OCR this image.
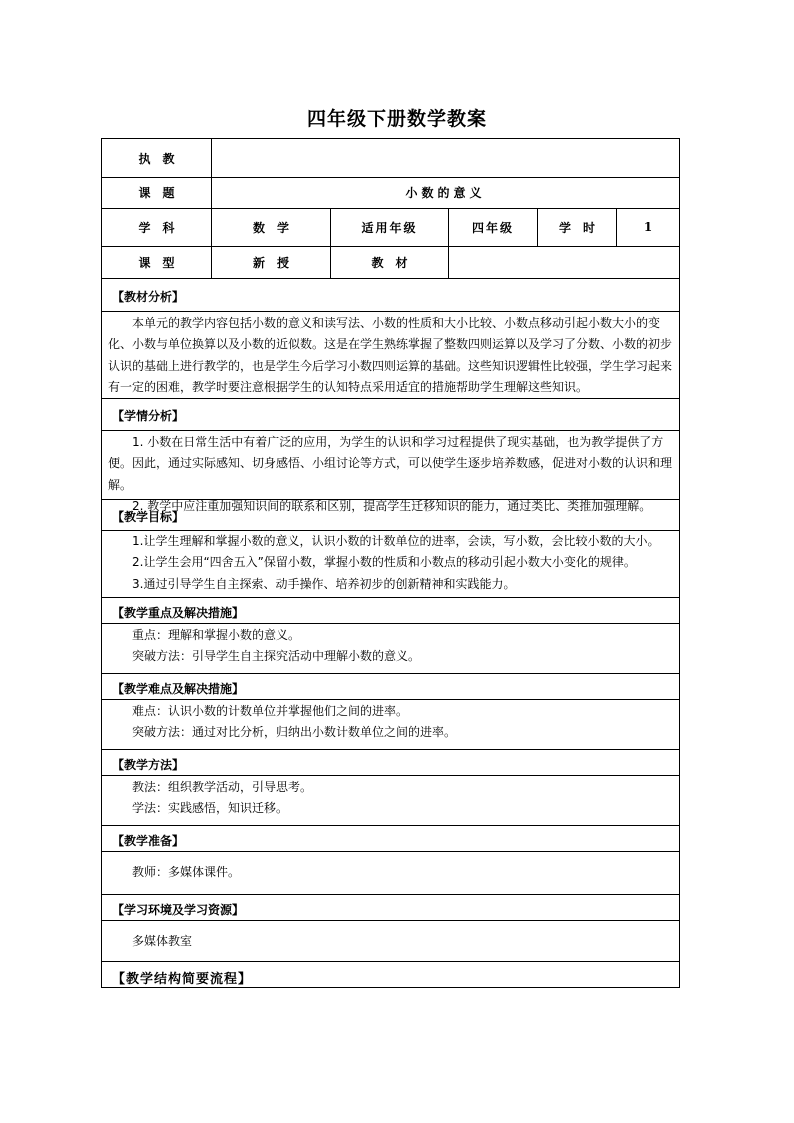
四年级下册数学教案
执　教
课　题	小数的意义
学　科	数　学	适用年级	四年级	学　时	1
课　型	新　授	教　材
【教材分析】

本单元的教学内容包括小数的意义和读写法、小数的性质和大小比较、小数点移动引起小数大小的变化、小数与单位换算以及小数的近似数。这是在学生熟练掌握了整数四则运算以及学习了分数、小数的初步认识的基础上进行教学的，也是学生今后学习小数四则运算的基础。这些知识逻辑性比较强，学生学习起来有一定的困难，教学时要注意根据学生的认知特点采用适宜的措施帮助学生理解这些知识。

【学情分析】

1. 小数在日常生活中有着广泛的应用，为学生的认识和学习过程提供了现实基础，也为教学提供了方便。因此，通过实际感知、切身感悟、小组讨论等方式，可以使学生逐步培养数感，促进对小数的认识和理解。

2. 教学中应注重加强知识间的联系和区别，提高学生迁移知识的能力，通过类比、类推加强理解。

【教学目标】

1.让学生理解和掌握小数的意义，认识小数的计数单位的进率，会读，写小数，会比较小数的大小。

2.让学生会用“四舍五入”保留小数，掌握小数的性质和小数点的移动引起小数大小变化的规律。

3.通过引导学生自主探索、动手操作、培养初步的创新精神和实践能力。

【教学重点及解决措施】

重点：理解和掌握小数的意义。

突破方法：引导学生自主探究活动中理解小数的意义。

【教学难点及解决措施】

难点：认识小数的计数单位并掌握他们之间的进率。

突破方法：通过对比分析，归纳出小数计数单位之间的进率。

【教学方法】

教法：组织教学活动，引导思考。

学法：实践感悟，知识迁移。

【教学准备】

教师：多媒体课件。

【学习环境及学习资源】

多媒体教室

【教学结构简要流程】
